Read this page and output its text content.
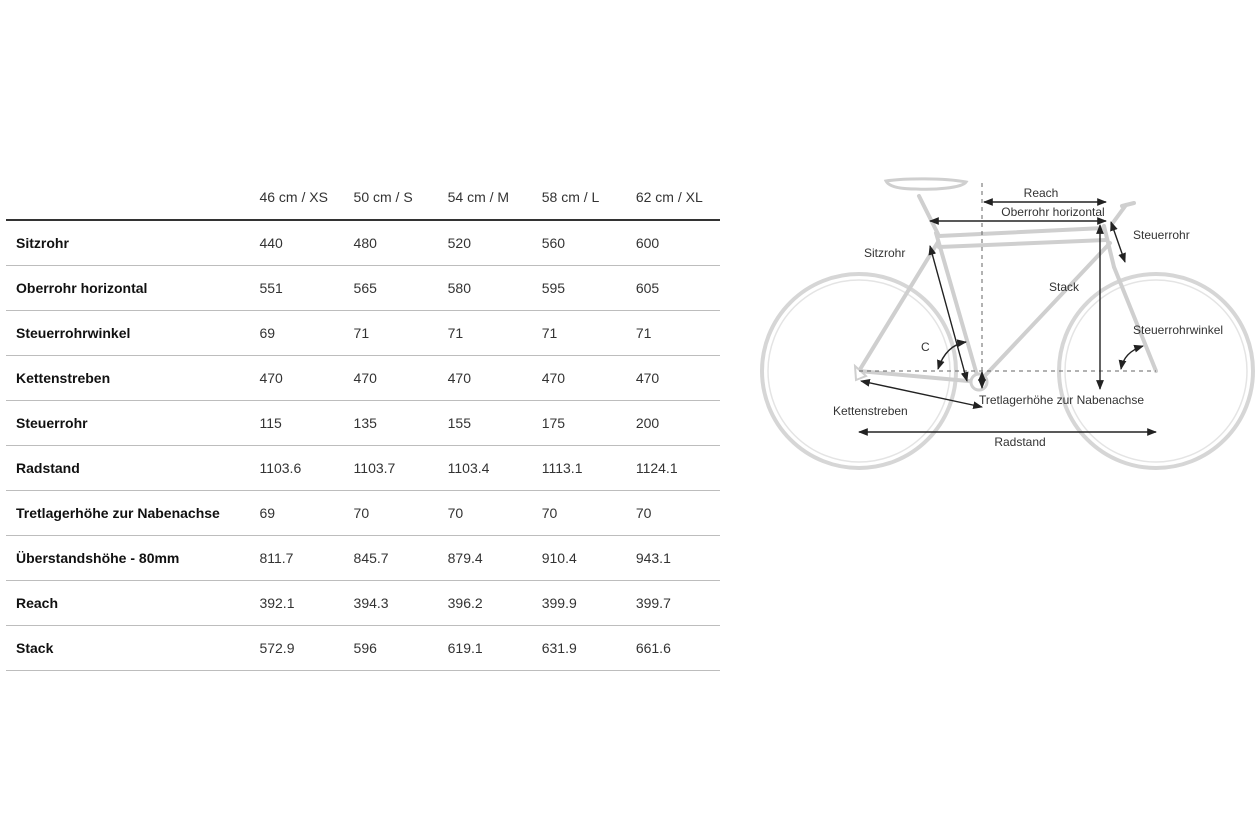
	46 cm / XS	50 cm / S	54 cm / M	58 cm / L	62 cm / XL
Sitzrohr	440	480	520	560	600
Oberrohr horizontal	551	565	580	595	605
Steuerrohrwinkel	69	71	71	71	71
Kettenstreben	470	470	470	470	470
Steuerrohr	115	135	155	175	200
Radstand	1103.6	1103.7	1103.4	1113.1	1124.1
Tretlagerhöhe zur Nabenachse	69	70	70	70	70
Überstandshöhe - 80mm	811.7	845.7	879.4	910.4	943.1
Reach	392.1	394.3	396.2	399.9	399.7
Stack	572.9	596	619.1	631.9	661.6
Reach
Oberrohr horizontal
Steuerrohr
Sitzrohr
Stack
Steuerrohrwinkel
C
Kettenstreben
Tretlagerhöhe zur Nabenachse
Radstand
